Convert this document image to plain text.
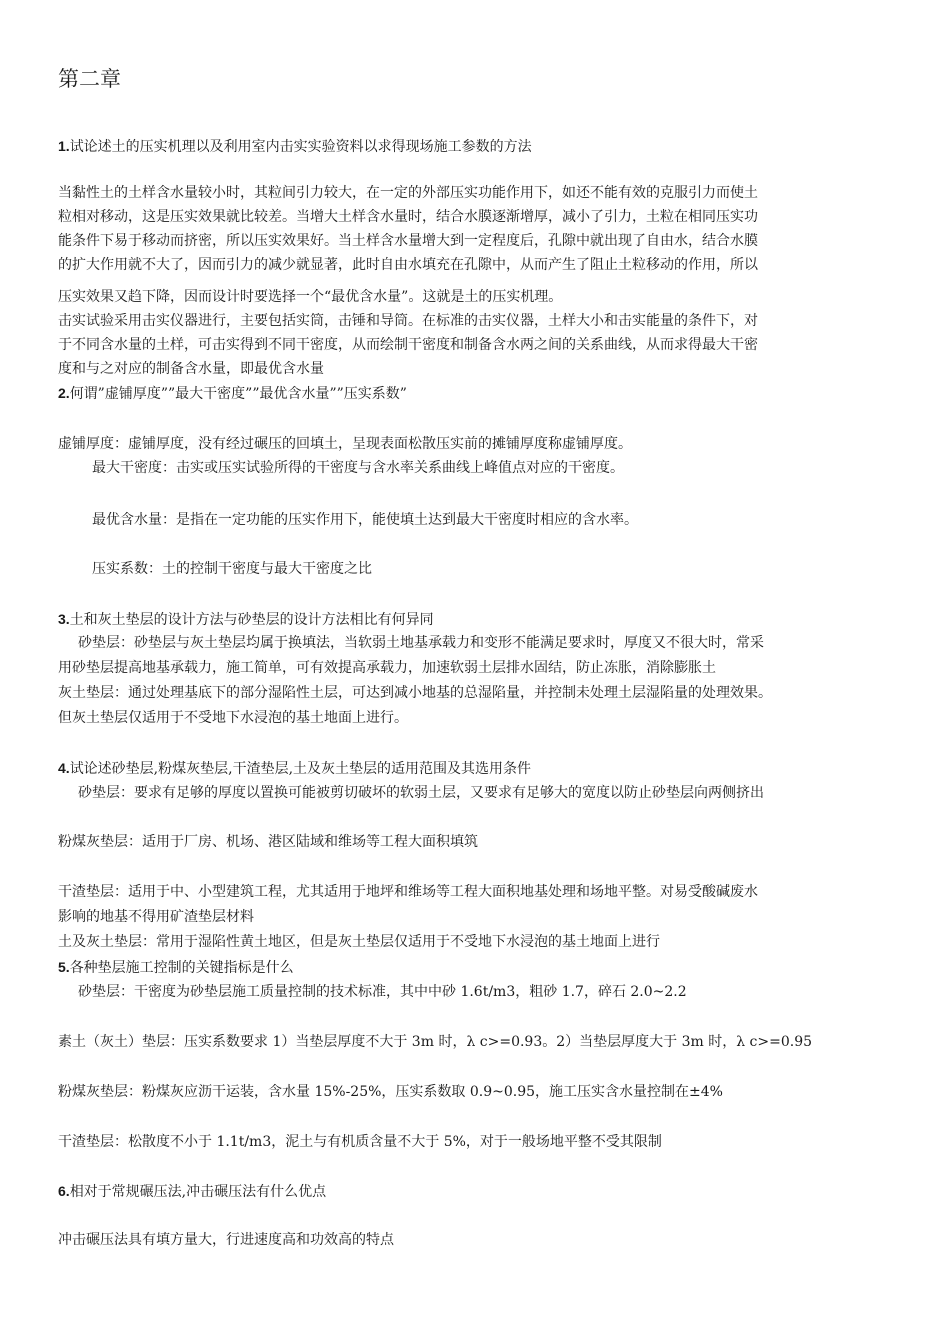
第二章
1.试论述土的压实机理以及利用室内击实实验资料以求得现场施工参数的方法
当黏性土的土样含水量较小时，其粒间引力较大，在一定的外部压实功能作用下，如还不能有效的克服引力而使土
粒相对移动，这是压实效果就比较差。当增大土样含水量时，结合水膜逐渐增厚，减小了引力，土粒在相同压实功
能条件下易于移动而挤密，所以压实效果好。当土样含水量增大到一定程度后，孔隙中就出现了自由水，结合水膜
的扩大作用就不大了，因而引力的减少就显著，此时自由水填充在孔隙中，从而产生了阻止土粒移动的作用，所以
压实效果又趋下降，因而设计时要选择一个“最优含水量”。这就是土的压实机理。
击实试验采用击实仪器进行，主要包括实筒，击锤和导筒。在标准的击实仪器，土样大小和击实能量的条件下，对
于不同含水量的土样，可击实得到不同干密度，从而绘制干密度和制备含水两之间的关系曲线，从而求得最大干密
度和与之对应的制备含水量，即最优含水量
2.何谓”虚铺厚度””最大干密度””最优含水量””压实系数”
虚铺厚度：虚铺厚度，没有经过碾压的回填土，呈现表面松散压实前的摊铺厚度称虚铺厚度。
最大干密度：击实或压实试验所得的干密度与含水率关系曲线上峰值点对应的干密度。
最优含水量：是指在一定功能的压实作用下，能使填土达到最大干密度时相应的含水率。
压实系数：土的控制干密度与最大干密度之比
3.土和灰土垫层的设计方法与砂垫层的设计方法相比有何异同
砂垫层：砂垫层与灰土垫层均属于换填法，当软弱土地基承载力和变形不能满足要求时，厚度又不很大时，常采
用砂垫层提高地基承载力，施工简单，可有效提高承载力，加速软弱土层排水固结，防止冻胀，消除膨胀土
灰土垫层：通过处理基底下的部分湿陷性土层，可达到减小地基的总湿陷量，并控制未处理土层湿陷量的处理效果。
但灰土垫层仅适用于不受地下水浸泡的基土地面上进行。
4.试论述砂垫层,粉煤灰垫层,干渣垫层,土及灰土垫层的适用范围及其选用条件
砂垫层：要求有足够的厚度以置换可能被剪切破坏的软弱土层，又要求有足够大的宽度以防止砂垫层向两侧挤出
粉煤灰垫层：适用于厂房、机场、港区陆域和维场等工程大面积填筑
干渣垫层：适用于中、小型建筑工程，尤其适用于地坪和维场等工程大面积地基处理和场地平整。对易受酸碱废水
影响的地基不得用矿渣垫层材料
土及灰土垫层：常用于湿陷性黄土地区，但是灰土垫层仅适用于不受地下水浸泡的基土地面上进行
5.各种垫层施工控制的关键指标是什么
砂垫层：干密度为砂垫层施工质量控制的技术标准，其中中砂 1.6t/m3，粗砂 1.7，碎石 2.0~2.2
素土（灰土）垫层：压实系数要求 1）当垫层厚度不大于 3m 时，λ c>=0.93。2）当垫层厚度大于 3m 时，λ c>=0.95
粉煤灰垫层：粉煤灰应沥干运装，含水量 15%-25%，压实系数取 0.9~0.95，施工压实含水量控制在±4%
干渣垫层：松散度不小于 1.1t/m3，泥土与有机质含量不大于 5%，对于一般场地平整不受其限制
6.相对于常规碾压法,冲击碾压法有什么优点
冲击碾压法具有填方量大，行进速度高和功效高的特点
